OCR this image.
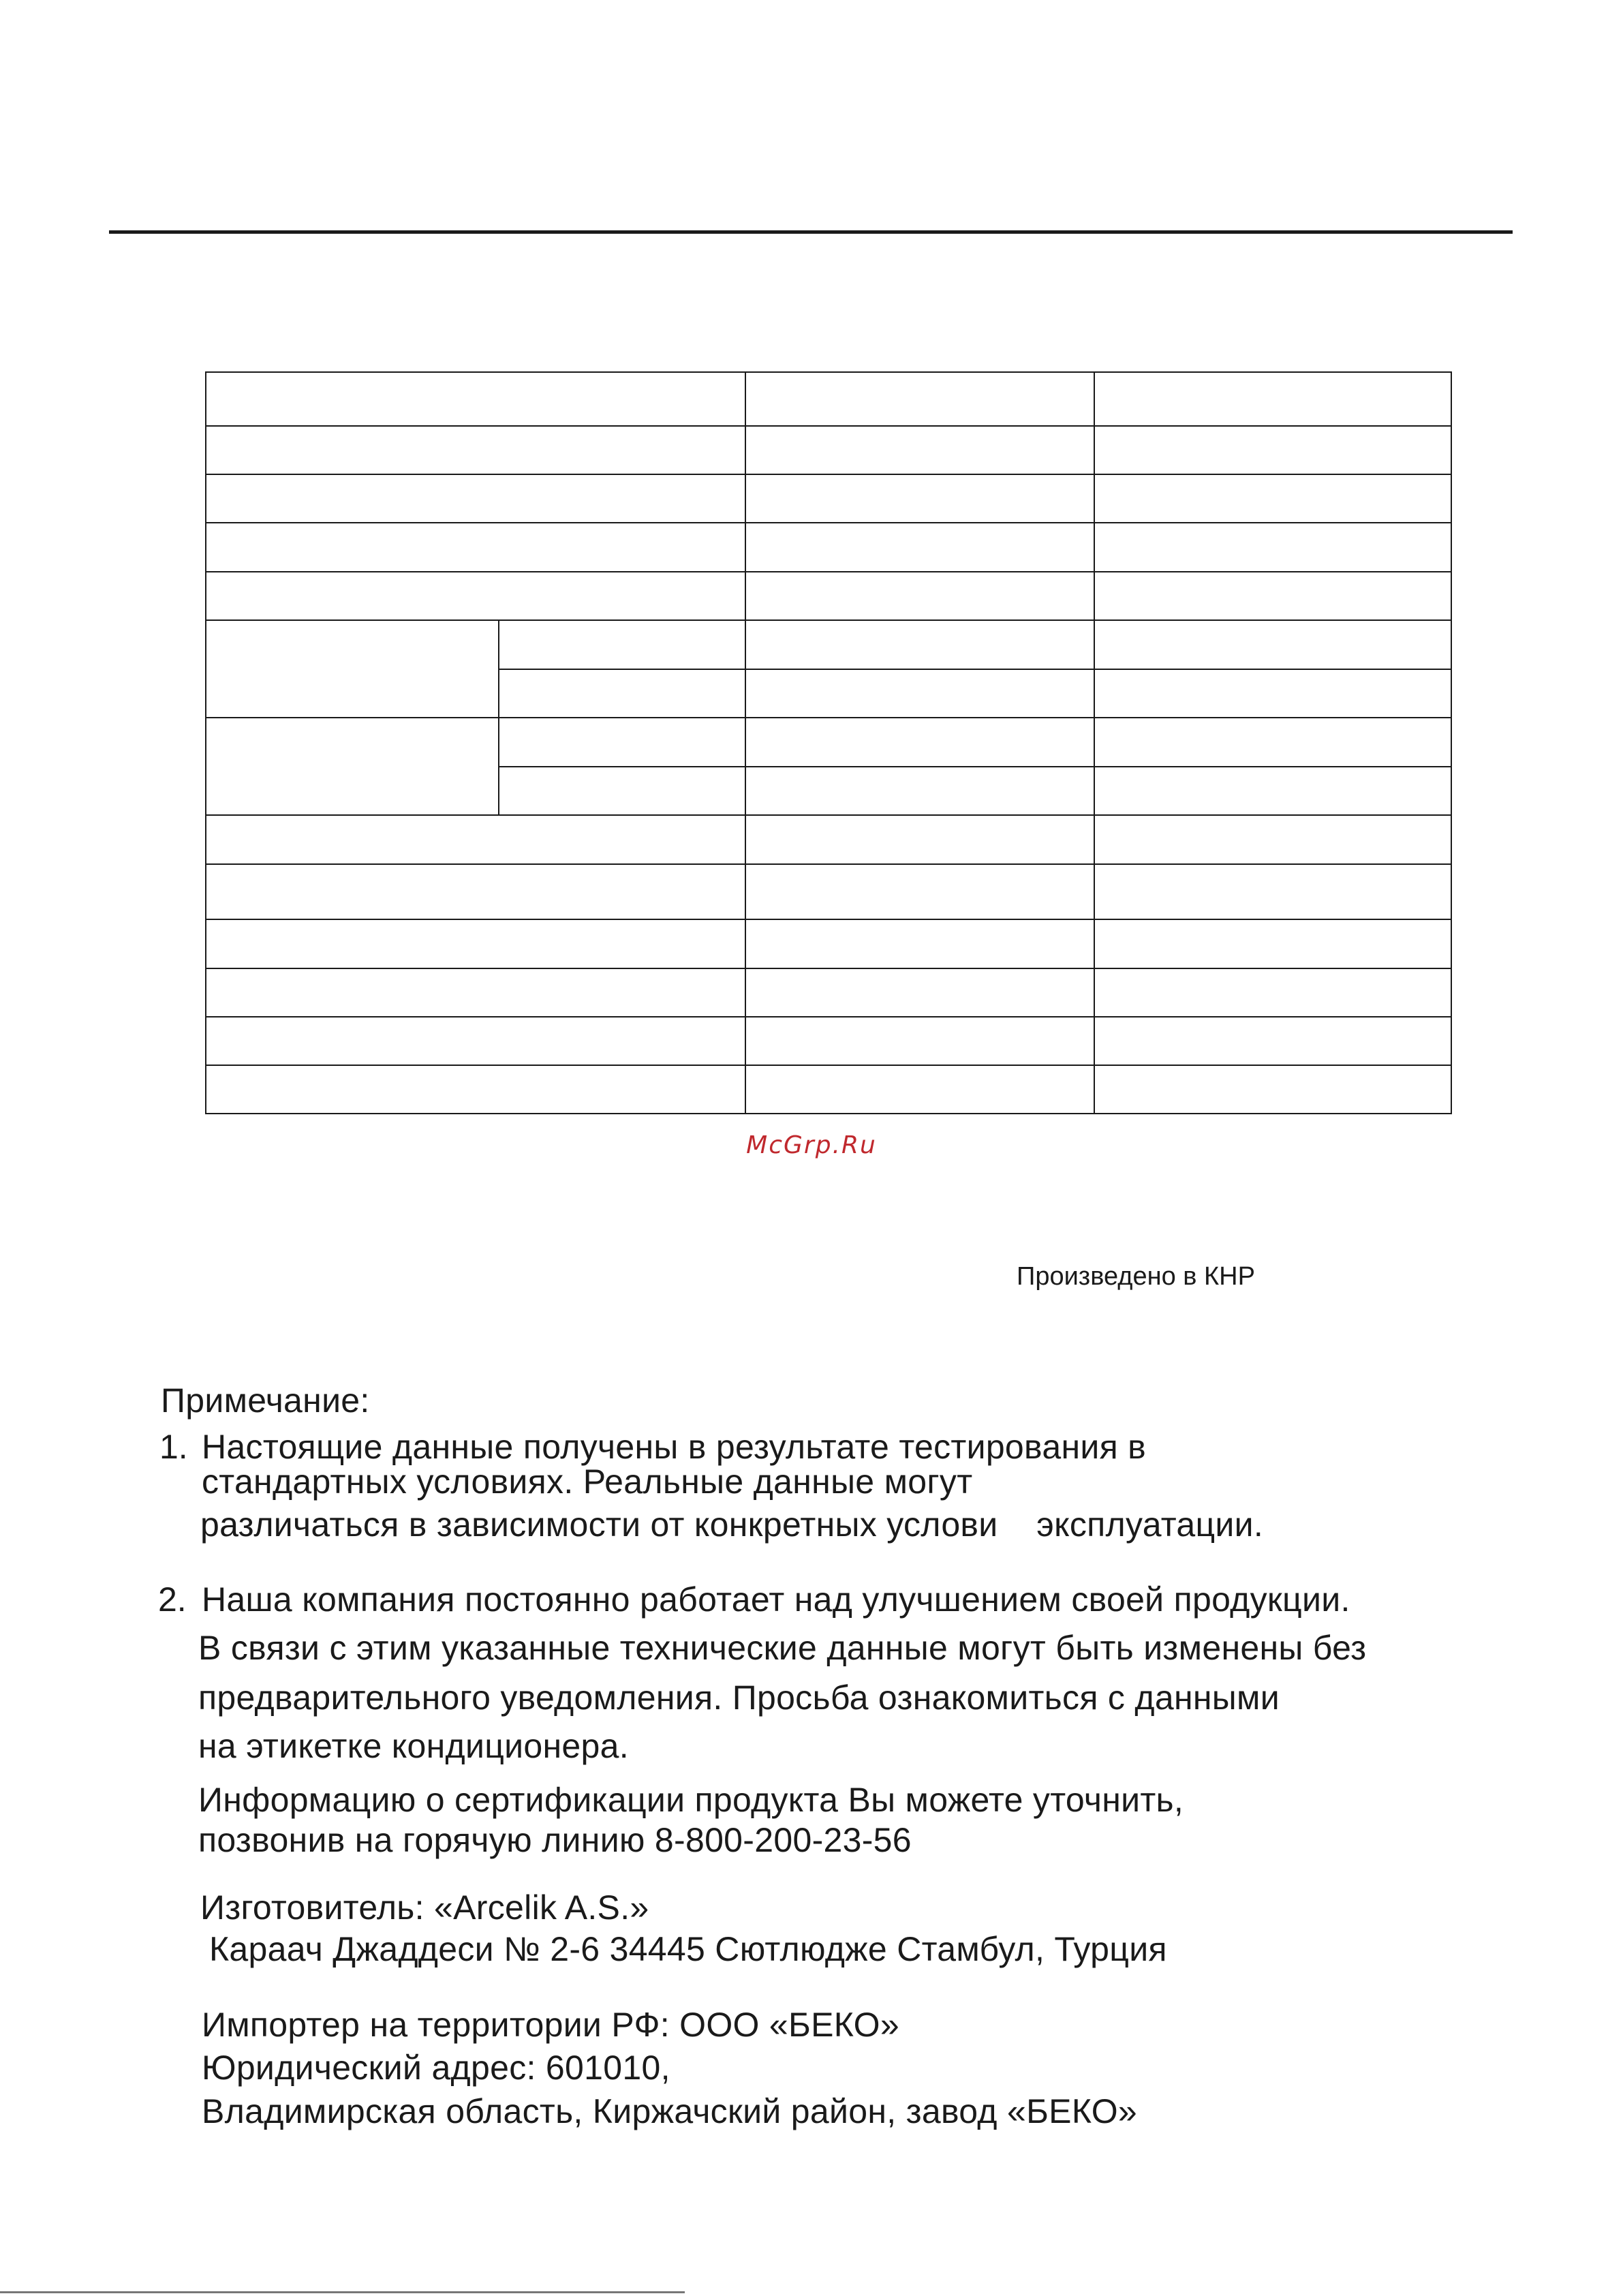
McGrp.Ru
Произведено в КНР
Примечание:
1. Настоящие данные получены в результате тестирования в
стандартных условиях. Реальные данные могут
различаться в зависимости от конкретных услови    эксплуатации.
2. Наша компания постоянно работает над улучшением своей продукции.
В связи с этим указанные технические данные могут быть изменены без
предварительного уведомления. Просьба ознакомиться с данными
на этикетке кондиционера.
Информацию о сертификации продукта Вы можете уточнить,
позвонив на горячую линию 8-800-200-23-56
Изготовитель: «Arcelik A.S.»
Караач Джаддеси № 2-6 34445 Сютлюдже Стамбул, Турция
Импортер на территории РФ: ООО «БЕКО»
Юридический адрес: 601010,
Владимирская область, Киржачский район, завод «БЕКО»
